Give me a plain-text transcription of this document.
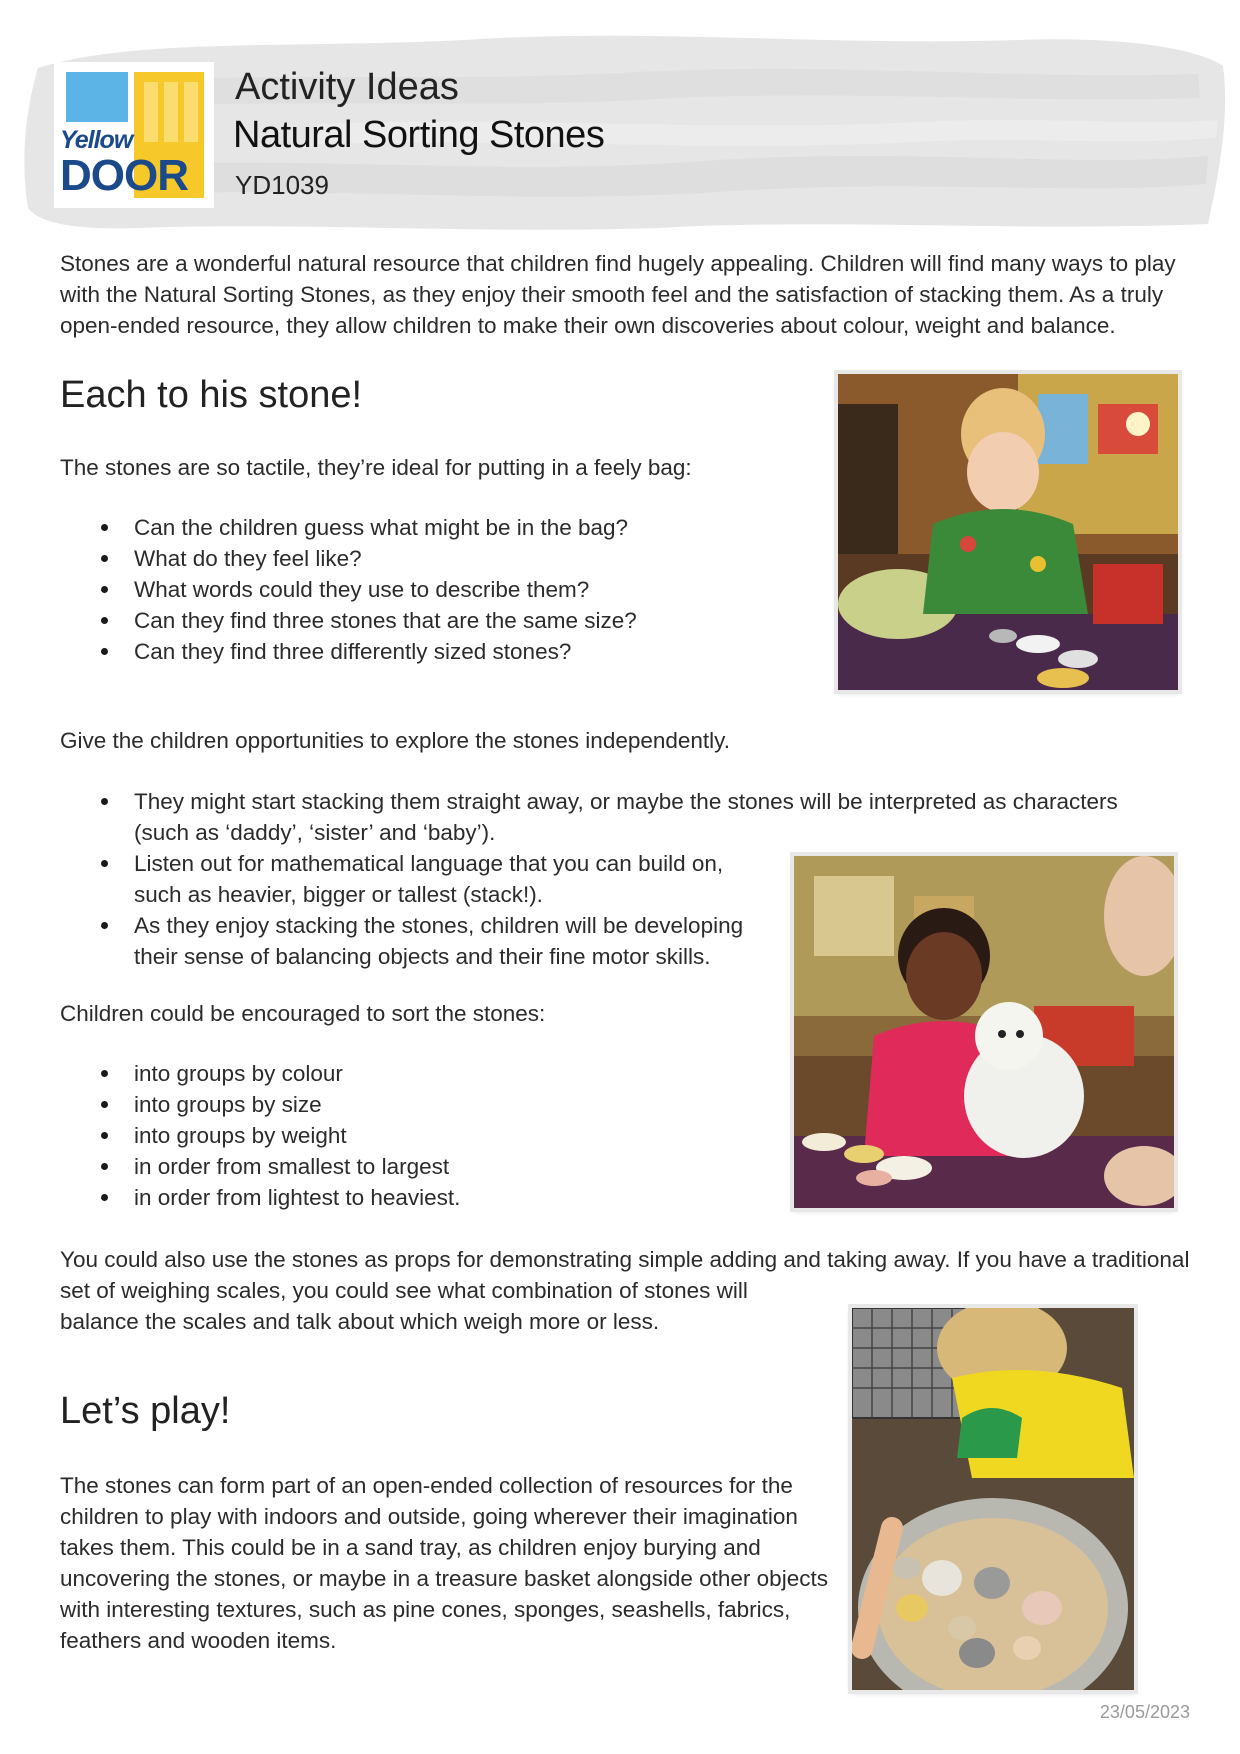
Yellow
DOOR
Activity Ideas
Natural Sorting Stones
YD1039
Stones are a wonderful natural resource that children find hugely appealing. Children will find many ways to play
with the Natural Sorting Stones, as they enjoy their smooth feel and the satisfaction of stacking them. As a truly
open-ended resource, they allow children to make their own discoveries about colour, weight and balance.
Each to his stone!
The stones are so tactile, they’re ideal for putting in a feely bag:
Can the children guess what might be in the bag?
What do they feel like?
What words could they use to describe them?
Can they find three stones that are the same size?
Can they find three differently sized stones?
Give the children opportunities to explore the stones independently.
They might start stacking them straight away, or maybe the stones will be interpreted as characters
(such as ‘daddy’, ‘sister’ and ‘baby’).
Listen out for mathematical language that you can build on,
such as heavier, bigger or tallest (stack!).
As they enjoy stacking the stones, children will be developing
their sense of balancing objects and their fine motor skills.
Children could be encouraged to sort the stones:
into groups by colour
into groups by size
into groups by weight
in order from smallest to largest
in order from lightest to heaviest.
You could also use the stones as props for demonstrating simple adding and taking away. If you have a traditional
set of weighing scales, you could see what combination of stones will
balance the scales and talk about which weigh more or less.
Let’s play!
The stones can form part of an open-ended collection of resources for the
children to play with indoors and outside, going wherever their imagination
takes them. This could be in a sand tray, as children enjoy burying and
uncovering the stones, or maybe in a treasure basket alongside other objects
with interesting textures, such as pine cones, sponges, seashells, fabrics,
feathers and wooden items.
23/05/2023
